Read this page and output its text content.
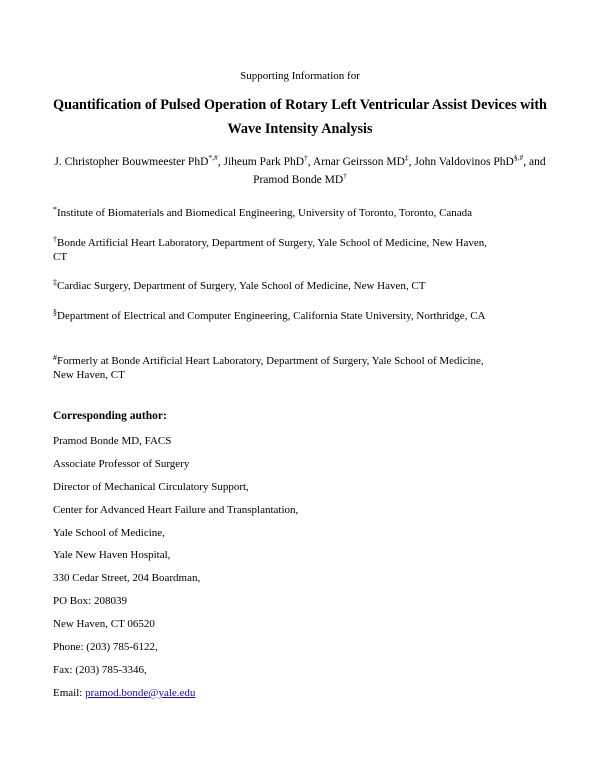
Supporting Information for
Quantification of Pulsed Operation of Rotary Left Ventricular Assist Devices with
Wave Intensity Analysis
J. Christopher Bouwmeester PhD*,#, Jiheum Park PhD†, Arnar Geirsson MD‡, John Valdovinos PhD§,#, and Pramod Bonde MD†
*Institute of Biomaterials and Biomedical Engineering, University of Toronto, Toronto, Canada
†Bonde Artificial Heart Laboratory, Department of Surgery, Yale School of Medicine, New Haven, CT
‡Cardiac Surgery, Department of Surgery, Yale School of Medicine, New Haven, CT
§Department of Electrical and Computer Engineering, California State University, Northridge, CA
#Formerly at Bonde Artificial Heart Laboratory, Department of Surgery, Yale School of Medicine, New Haven, CT
Corresponding author:
Pramod Bonde MD, FACS
Associate Professor of Surgery
Director of Mechanical Circulatory Support,
Center for Advanced Heart Failure and Transplantation,
Yale School of Medicine,
Yale New Haven Hospital,
330 Cedar Street, 204 Boardman,
PO Box: 208039
New Haven, CT 06520
Phone: (203) 785-6122,
Fax: (203) 785-3346,
Email: pramod.bonde@yale.edu
